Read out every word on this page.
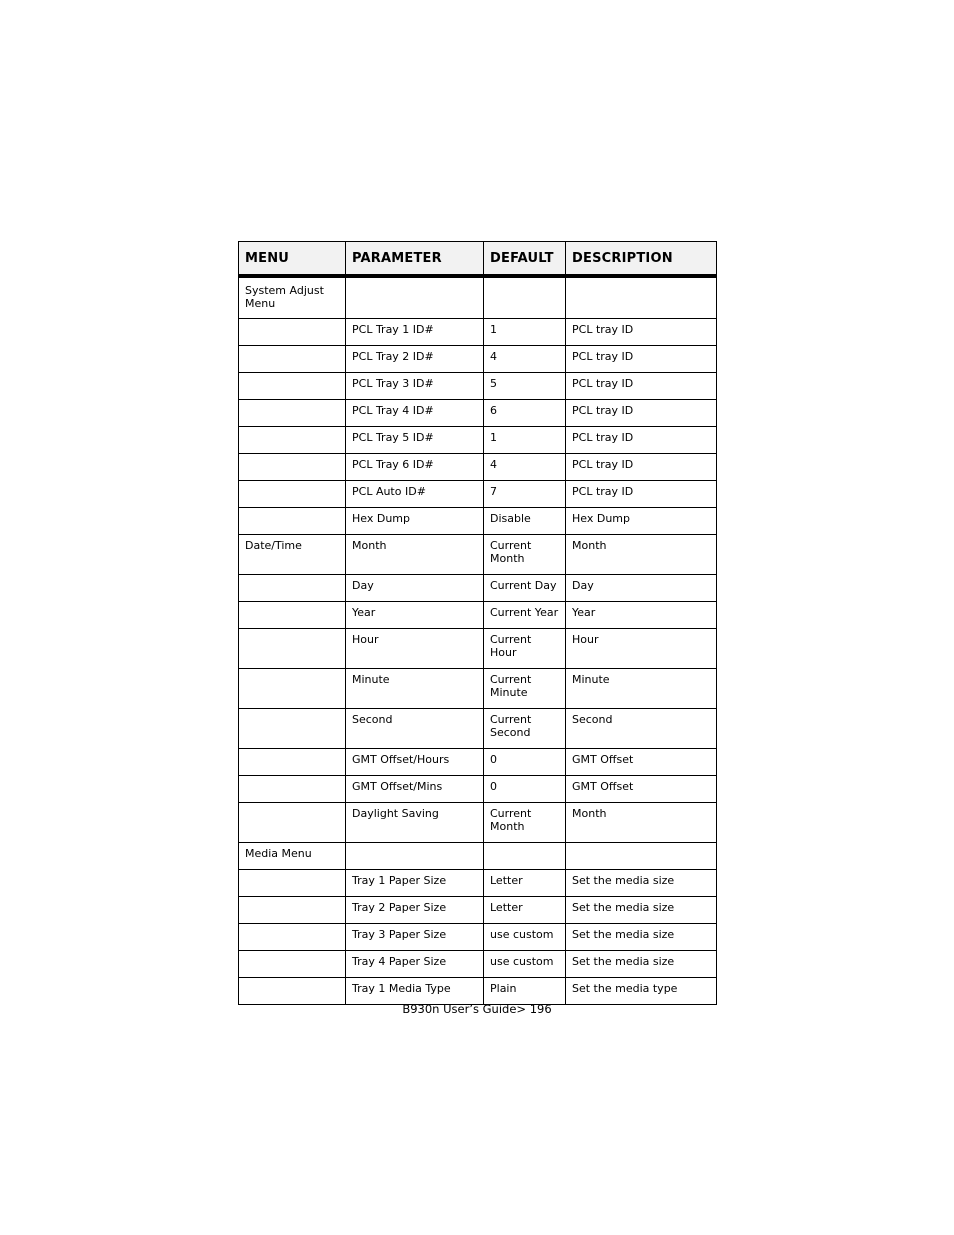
MENU	PARAMETER	DEFAULT	DESCRIPTION
System Adjust Menu			
	PCL Tray 1 ID#	1	PCL tray ID
	PCL Tray 2 ID#	4	PCL tray ID
	PCL Tray 3 ID#	5	PCL tray ID
	PCL Tray 4 ID#	6	PCL tray ID
	PCL Tray 5 ID#	1	PCL tray ID
	PCL Tray 6 ID#	4	PCL tray ID
	PCL Auto ID#	7	PCL tray ID
	Hex Dump	Disable	Hex Dump
Date/Time	Month	Current Month	Month
	Day	Current Day	Day
	Year	Current Year	Year
	Hour	Current Hour	Hour
	Minute	Current Minute	Minute
	Second	Current Second	Second
	GMT Offset/Hours	0	GMT Offset
	GMT Offset/Mins	0	GMT Offset
	Daylight Saving	Current Month	Month
Media Menu			
	Tray 1 Paper Size	Letter	Set the media size
	Tray 2 Paper Size	Letter	Set the media size
	Tray 3 Paper Size	use custom	Set the media size
	Tray 4 Paper Size	use custom	Set the media size
	Tray 1 Media Type	Plain	Set the media type
B930n User’s Guide> 196
